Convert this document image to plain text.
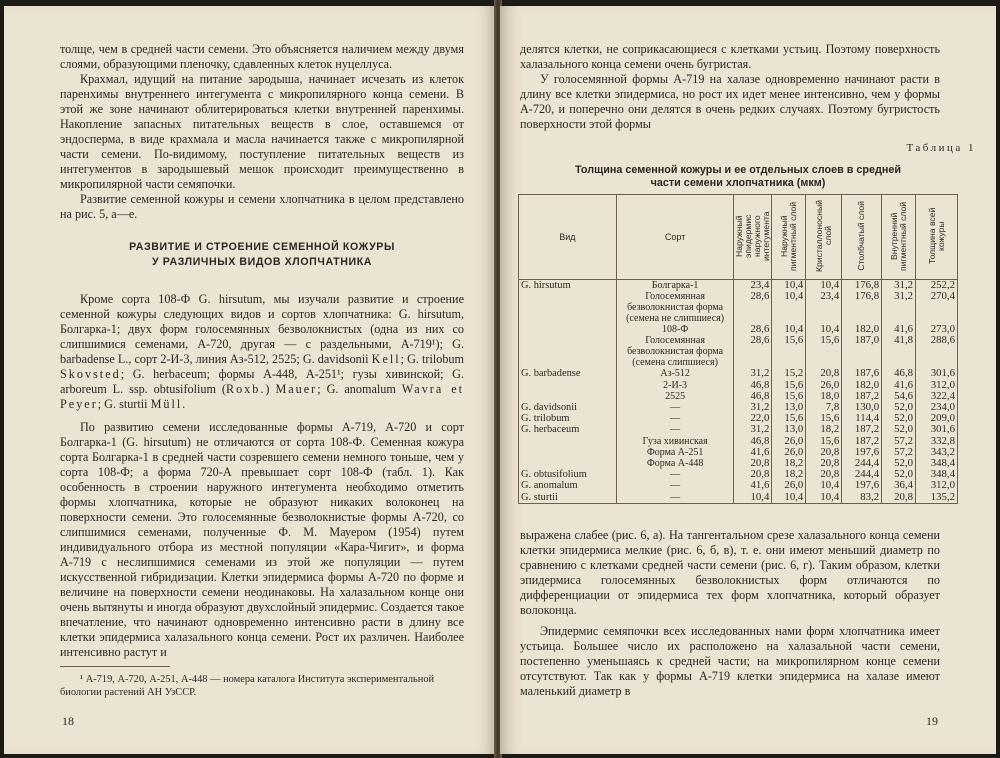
толще, чем в средней части семени. Это объясняется наличием между двумя слоями, образующими пленочку, сдавленных клеток нуцеллуса.

Крахмал, идущий на питание зародыша, начинает исчезать из клеток паренхимы внутреннего интегумента с микропилярного конца семени. В этой же зоне начинают облитерироваться клетки внутренней паренхимы. Накопление запасных питательных веществ в слое, оставшемся от эндосперма, в виде крахмала и масла начинается также с микропилярной части семени. По-видимому, поступление питательных веществ из интегументов в зародышевый мешок происходит преимущественно в микропилярной части семяпочки.

Развитие семенной кожуры и семени хлопчатника в целом представлено на рис. 5, а—е.

РАЗВИТИЕ И СТРОЕНИЕ СЕМЕННОЙ КОЖУРЫ
У РАЗЛИЧНЫХ ВИДОВ ХЛОПЧАТНИКА

Кроме сорта 108-Ф G. hirsutum, мы изучали развитие и строение семенной кожуры следующих видов и сортов хлопчатника: G. hirsutum, Болгарка-1; двух форм голосемянных безволокнистых (одна из них со слипшимися семенами, А-720, другая — с раздельными, А-719¹); G. barbadense L., сорт 2-И-3, линия Аз-512, 2525; G. davidsonii Kell; G. trilobum Skovsted; G. herbaceum; формы А-448, А-251¹; гузы хивинской; G. arboreum L. ssp. obtusifolium (Roxb.) Mauer; G. anomalum Wavra et Peyer; G. sturtii Müll.

По развитию семени исследованные формы А-719, А-720 и сорт Болгарка-1 (G. hirsutum) не отличаются от сорта 108-Ф. Семенная кожура сорта Болгарка-1 в средней части созревшего семени немного тоньше, чем у сорта 108-Ф; а форма 720-А превышает сорт 108-Ф (табл. 1). Как особенность в строении наружного интегумента необходимо отметить формы хлопчатника, которые не образуют никаких волоконец на поверхности семени. Это голосемянные безволокнистые формы А-720, со слипшимися семенами, полученные Ф. М. Мауером (1954) путем индивидуального отбора из местной популяции «Кара-Чигит», и форма А-719 с неслипшимися семенами из этой же популяции — путем искусственной гибридизации. Клетки эпидермиса формы А-720 по форме и величине на поверхности семени неодинаковы. На халазальном конце они очень вытянуты и иногда образуют двухслойный эпидермис. Создается такое впечатление, что начинают одновременно интенсивно расти в длину все клетки эпидермиса халазального конца семени. Рост их различен. Наиболее интенсивно растут и

¹ А-719, А-720, А-251, А-448 — номера каталога Института экспериментальной биологии растений АН УзССР.

18

делятся клетки, не соприкасающиеся с клетками устьиц. Поэтому поверхность халазального конца семени очень бугристая.

У голосемянной формы А-719 на халазе одновременно начинают расти в длину все клетки эпидермиса, но рост их идет менее интенсивно, чем у формы А-720, и поперечно они делятся в очень редких случаях. Поэтому бугристость поверхности этой формы

Таблица 1
Толщина семенной кожуры и ее отдельных слоев в средней
части семени хлопчатника (мкм)
Вид	Сорт	Наружный эпидермис наружного интегумента	Наружный пигментный слой	Кристаллоносный слой	Столбчатый слой	Внутренний пигментный слой	Толщина всей кожуры
G. hirsutum	Болгарка-1	23,4	10,4	10,4	176,8	31,2	252,2
	Голосемянная безволокнистая форма (семена не слипшиеся)	28,6	10,4	23,4	176,8	31,2	270,4
	108-Ф	28,6	10,4	10,4	182,0	41,6	273,0
	Голосемянная безволокнистая форма (семена слипшиеся)	28,6	15,6	15,6	187,0	41,8	288,6
G. barbadense	Аз-512	31,2	15,2	20,8	187,6	46,8	301,6
	2-И-3	46,8	15,6	26,0	182,0	41,6	312,0
	2525	46,8	15,6	18,0	187,2	54,6	322,4
G. davidsonii	—	31,2	13,0	7,8	130,0	52,0	234,0
G. trilobum	—	22,0	15,6	15,6	114,4	52,0	209,0
G. herbaceum	—	31,2	13,0	18,2	187,2	52,0	301,6
	Гуза хивинская	46,8	26,0	15,6	187,2	57,2	332,8
	Форма А-251	41,6	26,0	20,8	197,6	57,2	343,2
	Форма А-448	20,8	18,2	20,8	244,4	52,0	348,4
G. obtusifolium	—	20,8	18,2	20,8	244,4	52,0	348,4
G. anomalum	—	41,6	26,0	10,4	197,6	36,4	312,0
G. sturtii	—	10,4	10,4	10,4	83,2	20,8	135,2

выражена слабее (рис. 6, а). На тангентальном срезе халазального конца семени клетки эпидермиса мелкие (рис. 6, б, в), т. е. они имеют меньший диаметр по сравнению с клетками средней части семени (рис. 6, г). Таким образом, клетки эпидермиса голосемянных безволокнистых форм отличаются по дифференциации от эпидермиса тех форм хлопчатника, который образует волоконца.

Эпидермис семяпочки всех исследованных нами форм хлопчатника имеет устьица. Большее число их расположено на халазальной части семени, постепенно уменьшаясь к средней части; на микропилярном конце семени отсутствуют. Так как у формы А-719 клетки эпидермиса на халазе имеют маленький диаметр в

19
